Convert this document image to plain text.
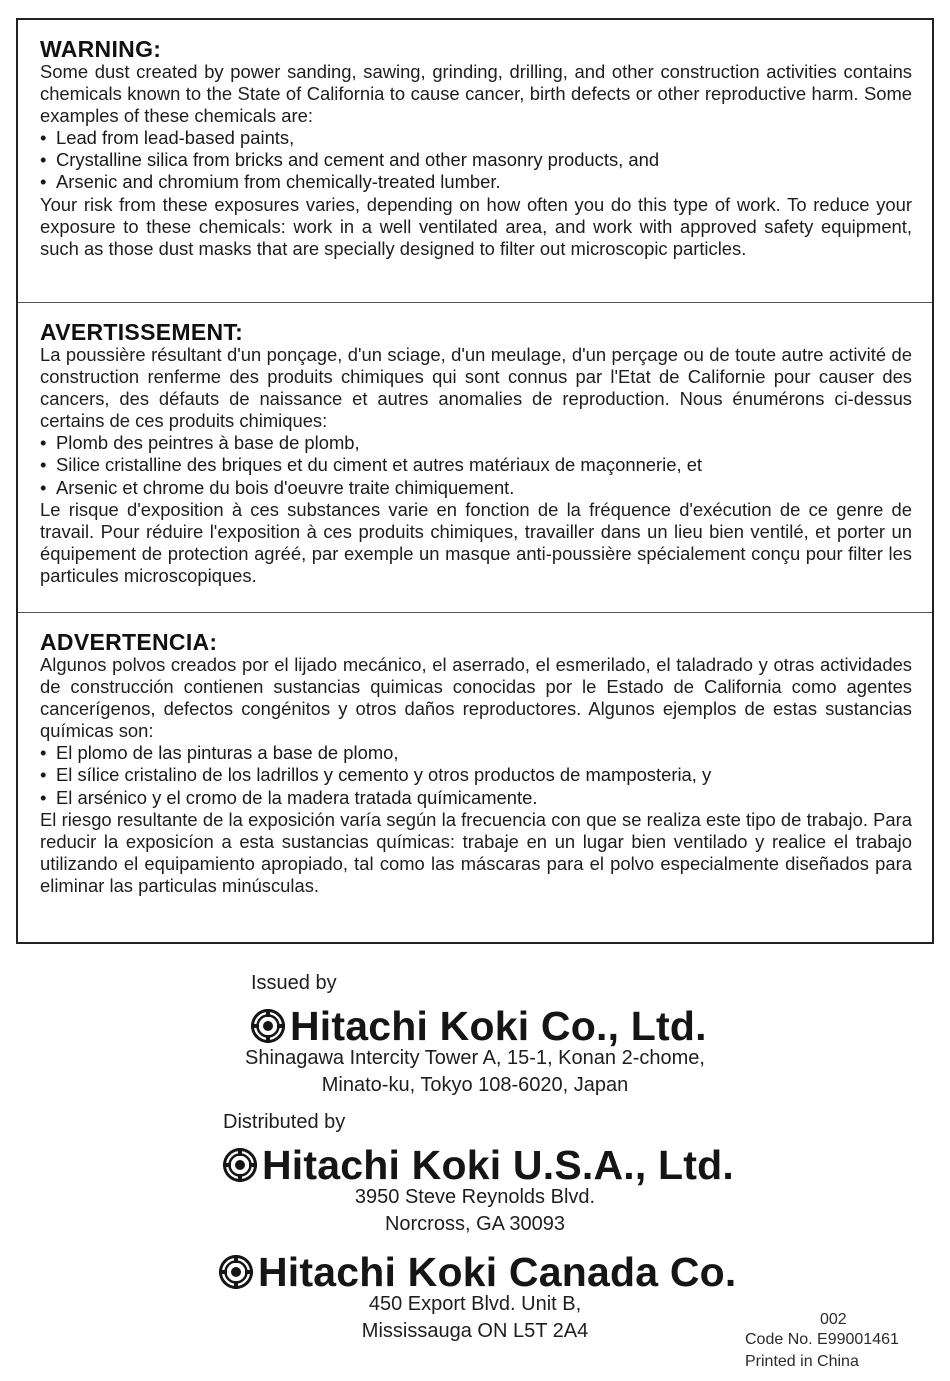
WARNING:

Some dust created by power sanding, sawing, grinding, drilling, and other construction activities contains chemicals known to the State of California to cause cancer, birth defects or other reproductive harm. Some examples of these chemicals are:

• Lead from lead-based paints,
• Crystalline silica from bricks and cement and other masonry products, and
• Arsenic and chromium from chemically-treated lumber.

Your risk from these exposures varies, depending on how often you do this type of work. To reduce your exposure to these chemicals: work in a well ventilated area, and work with approved safety equipment, such as those dust masks that are specially designed to filter out microscopic particles.

AVERTISSEMENT:

La poussière résultant d'un ponçage, d'un sciage, d'un meulage, d'un perçage ou de toute autre activité de construction renferme des produits chimiques qui sont connus par l'Etat de Californie pour causer des cancers, des défauts de naissance et autres anomalies de reproduction. Nous énumérons ci-dessus certains de ces produits chimiques:

• Plomb des peintres à base de plomb,
• Silice cristalline des briques et du ciment et autres matériaux de maçonnerie, et
• Arsenic et chrome du bois d'oeuvre traite chimiquement.

Le risque d'exposition à ces substances varie en fonction de la fréquence d'exécution de ce genre de travail. Pour réduire l'exposition à ces produits chimiques, travailler dans un lieu bien ventilé, et porter un équipement de protection agréé, par exemple un masque anti-poussière spécialement conçu pour filter les particules microscopiques.

ADVERTENCIA:

Algunos polvos creados por el lijado mecánico, el aserrado, el esmerilado, el taladrado y otras actividades de construcción contienen sustancias quimicas conocidas por le Estado de California como agentes cancerígenos, defectos congénitos y otros daños reproductores. Algunos ejemplos de estas sustancias químicas son:

• El plomo de las pinturas a base de plomo,
• El sílice cristalino de los ladrillos y cemento y otros productos de mamposteria, y
• El arsénico y el cromo de la madera tratada químicamente.

El riesgo resultante de la exposición varía según la frecuencia con que se realiza este tipo de trabajo. Para reducir la exposicíon a esta sustancias químicas: trabaje en un lugar bien ventilado y realice el trabajo utilizando el equipamiento apropiado, tal como las máscaras para el polvo especialmente diseñados para eliminar las particulas minúsculas.

Issued by
Hitachi Koki Co., Ltd.
Shinagawa Intercity Tower A, 15-1, Konan 2-chome,
Minato-ku, Tokyo 108-6020, Japan
Distributed by
Hitachi Koki U.S.A., Ltd.
3950 Steve Reynolds Blvd.
Norcross, GA 30093
Hitachi Koki Canada Co.
450 Export Blvd. Unit B,
Mississauga ON L5T 2A4
002
Code No. E99001461
Printed in China
